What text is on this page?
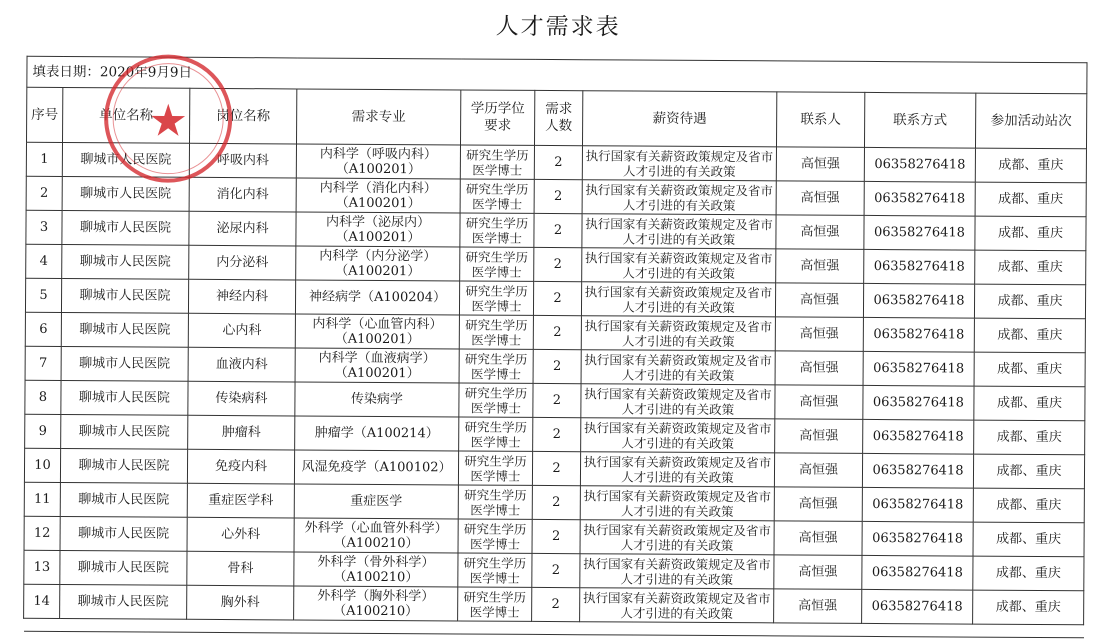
人才需求表
填表日期：2020年9月9日									
序号	单位名称	岗位名称	需求专业	学历学位要求	需求人数	薪资待遇	联系人	联系方式	参加活动站次
1	聊城市人民医院	呼吸内科	内科学（呼吸内科）（A100201）	研究生学历医学博士	2	执行国家有关薪资政策规定及省市人才引进的有关政策	高恒强	06358276418	成都、重庆
2	聊城市人民医院	消化内科	内科学（消化内科）（A100201）	研究生学历医学博士	2	执行国家有关薪资政策规定及省市人才引进的有关政策	高恒强	06358276418	成都、重庆
3	聊城市人民医院	泌尿内科	内科学（泌尿内）（A100201）	研究生学历医学博士	2	执行国家有关薪资政策规定及省市人才引进的有关政策	高恒强	06358276418	成都、重庆
4	聊城市人民医院	内分泌科	内科学（内分泌学）（A100201）	研究生学历医学博士	2	执行国家有关薪资政策规定及省市人才引进的有关政策	高恒强	06358276418	成都、重庆
5	聊城市人民医院	神经内科	神经病学（A100204）	研究生学历医学博士	2	执行国家有关薪资政策规定及省市人才引进的有关政策	高恒强	06358276418	成都、重庆
6	聊城市人民医院	心内科	内科学（心血管内科）（A100201）	研究生学历医学博士	2	执行国家有关薪资政策规定及省市人才引进的有关政策	高恒强	06358276418	成都、重庆
7	聊城市人民医院	血液内科	内科学（血液病学）（A100201）	研究生学历医学博士	2	执行国家有关薪资政策规定及省市人才引进的有关政策	高恒强	06358276418	成都、重庆
8	聊城市人民医院	传染病科	传染病学	研究生学历医学博士	2	执行国家有关薪资政策规定及省市人才引进的有关政策	高恒强	06358276418	成都、重庆
9	聊城市人民医院	肿瘤科	肿瘤学（A100214）	研究生学历医学博士	2	执行国家有关薪资政策规定及省市人才引进的有关政策	高恒强	06358276418	成都、重庆
10	聊城市人民医院	免疫内科	风湿免疫学（A100102）	研究生学历医学博士	2	执行国家有关薪资政策规定及省市人才引进的有关政策	高恒强	06358276418	成都、重庆
11	聊城市人民医院	重症医学科	重症医学	研究生学历医学博士	2	执行国家有关薪资政策规定及省市人才引进的有关政策	高恒强	06358276418	成都、重庆
12	聊城市人民医院	心外科	外科学（心血管外科学）（A100210）	研究生学历医学博士	2	执行国家有关薪资政策规定及省市人才引进的有关政策	高恒强	06358276418	成都、重庆
13	聊城市人民医院	骨科	外科学（骨外科学）（A100210）	研究生学历医学博士	2	执行国家有关薪资政策规定及省市人才引进的有关政策	高恒强	06358276418	成都、重庆
14	聊城市人民医院	胸外科	外科学（胸外科学）（A100210）	研究生学历医学博士	2	执行国家有关薪资政策规定及省市人才引进的有关政策	高恒强	06358276418	成都、重庆

★
